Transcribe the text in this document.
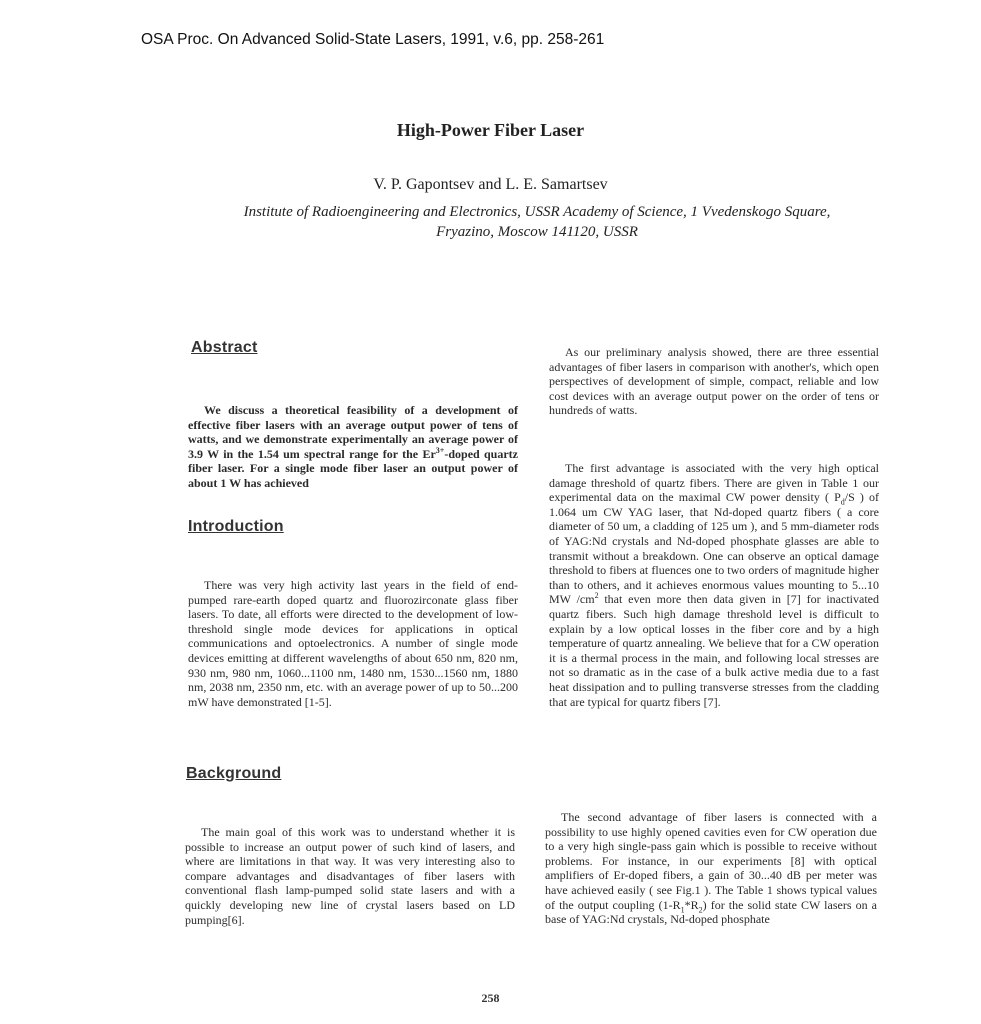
OSA Proc. On Advanced Solid-State Lasers, 1991, v.6, pp. 258-261
High-Power Fiber Laser
V. P. Gapontsev and L. E. Samartsev
Institute of Radioengineering and Electronics, USSR Academy of Science, 1 Vvedenskogo Square, Fryazino, Moscow 141120, USSR
Abstract
We discuss a theoretical feasibility of a development of effective fiber lasers with an average output power of tens of watts, and we demonstrate experimentally an average power of 3.9 W in the 1.54 um spectral range for the $Er^{3+}$-doped quartz fiber laser. For a single mode fiber laser an output power of about 1 W has achieved
Introduction
There was very high activity last years in the field of end-pumped rare-earth doped quartz and fluorozirconate glass fiber lasers. To date, all efforts were directed to the development of low-threshold single mode devices for applications in optical communications and optoelectronics. A number of single mode devices emitting at different wavelengths of about 650 nm, 820 nm, 930 nm, 980 nm, 1060...1100 nm, 1480 nm, 1530...1560 nm, 1880 nm, 2038 nm, 2350 nm, etc. with an average power of up to 50...200 mW have demonstrated [1-5].
Background
The main goal of this work was to understand whether it is possible to increase an output power of such kind of lasers, and where are limitations in that way. It was very interesting also to compare advantages and disadvantages of fiber lasers with conventional flash lamp-pumped solid state lasers and with a quickly developing new line of crystal lasers based on LD pumping[6].
As our preliminary analysis showed, there are three essential advantages of fiber lasers in comparison with another's, which open perspectives of development of simple, compact, reliable and low cost devices with an average output power on the order of tens or hundreds of watts.
The first advantage is associated with the very high optical damage threshold of quartz fibers. There are given in Table 1 our experimental data on the maximal CW power density ( $P_d/S$ ) of 1.064 um CW YAG laser, that Nd-doped quartz fibers ( a core diameter of 50 um, a cladding of 125 um ), and 5 mm-diameter rods of YAG:Nd crystals and Nd-doped phosphate glasses are able to transmit without a breakdown. One can observe an optical damage threshold to fibers at fluences one to two orders of magnitude higher than to others, and it achieves enormous values mounting to 5...10 MW $/cm^2$ that even more then data given in [7] for inactivated quartz fibers. Such high damage threshold level is difficult to explain by a low optical losses in the fiber core and by a high temperature of quartz annealing. We believe that for a CW operation it is a thermal process in the main, and following local stresses are not so dramatic as in the case of a bulk active media due to a fast heat dissipation and to pulling transverse stresses from the cladding that are typical for quartz fibers [7].
The second advantage of fiber lasers is connected with a possibility to use highly opened cavities even for CW operation due to a very high single-pass gain which is possible to receive without problems. For instance, in our experiments [8] with optical amplifiers of Er-doped fibers, a gain of 30...40 dB per meter was have achieved easily ( see Fig.1 ). The Table 1 shows typical values of the output coupling $(1-R_1*R_2)$ for the solid state CW lasers on a base of YAG:Nd crystals, Nd-doped phosphate
258
